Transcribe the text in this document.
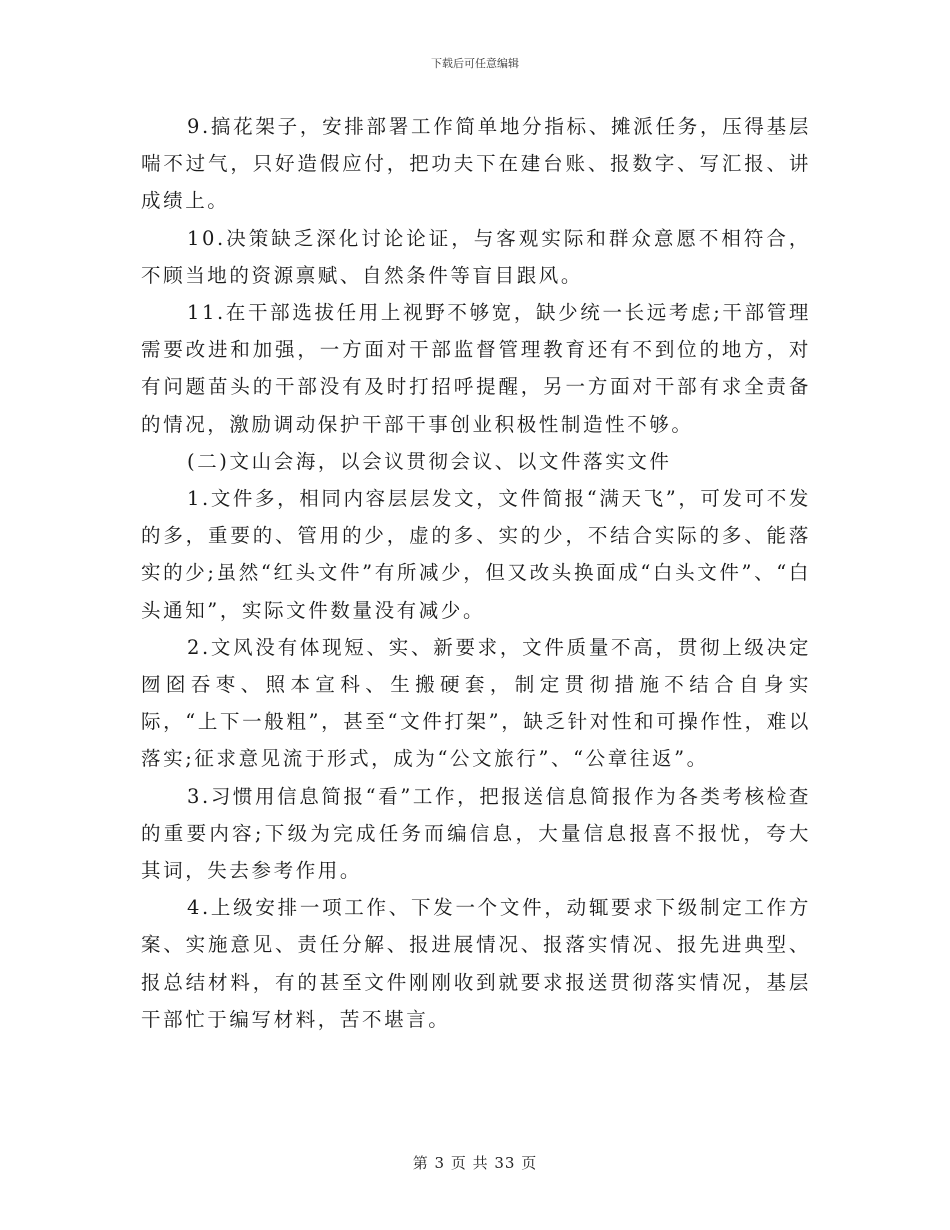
下载后可任意编辑

9.搞花架子，安排部署工作简单地分指标、摊派任务，压得基层喘不过气，只好造假应付，把功夫下在建台账、报数字、写汇报、讲成绩上。

10.决策缺乏深化讨论论证，与客观实际和群众意愿不相符合，不顾当地的资源禀赋、自然条件等盲目跟风。

11.在干部选拔任用上视野不够宽，缺少统一长远考虑;干部管理需要改进和加强，一方面对干部监督管理教育还有不到位的地方，对有问题苗头的干部没有及时打招呼提醒，另一方面对干部有求全责备的情况，激励调动保护干部干事创业积极性制造性不够。

(二)文山会海，以会议贯彻会议、以文件落实文件

1.文件多，相同内容层层发文，文件简报“满天飞”，可发可不发的多，重要的、管用的少，虚的多、实的少，不结合实际的多、能落实的少;虽然“红头文件”有所减少，但又改头换面成“白头文件”、“白头通知”，实际文件数量没有减少。

2.文风没有体现短、实、新要求，文件质量不高，贯彻上级决定囫囵吞枣、照本宣科、生搬硬套，制定贯彻措施不结合自身实际，“上下一般粗”，甚至“文件打架”，缺乏针对性和可操作性，难以落实;征求意见流于形式，成为“公文旅行”、“公章往返”。

3.习惯用信息简报“看”工作，把报送信息简报作为各类考核检查的重要内容;下级为完成任务而编信息，大量信息报喜不报忧，夸大其词，失去参考作用。

4.上级安排一项工作、下发一个文件，动辄要求下级制定工作方案、实施意见、责任分解、报进展情况、报落实情况、报先进典型、报总结材料，有的甚至文件刚刚收到就要求报送贯彻落实情况，基层干部忙于编写材料，苦不堪言。

第 3 页 共 33 页
